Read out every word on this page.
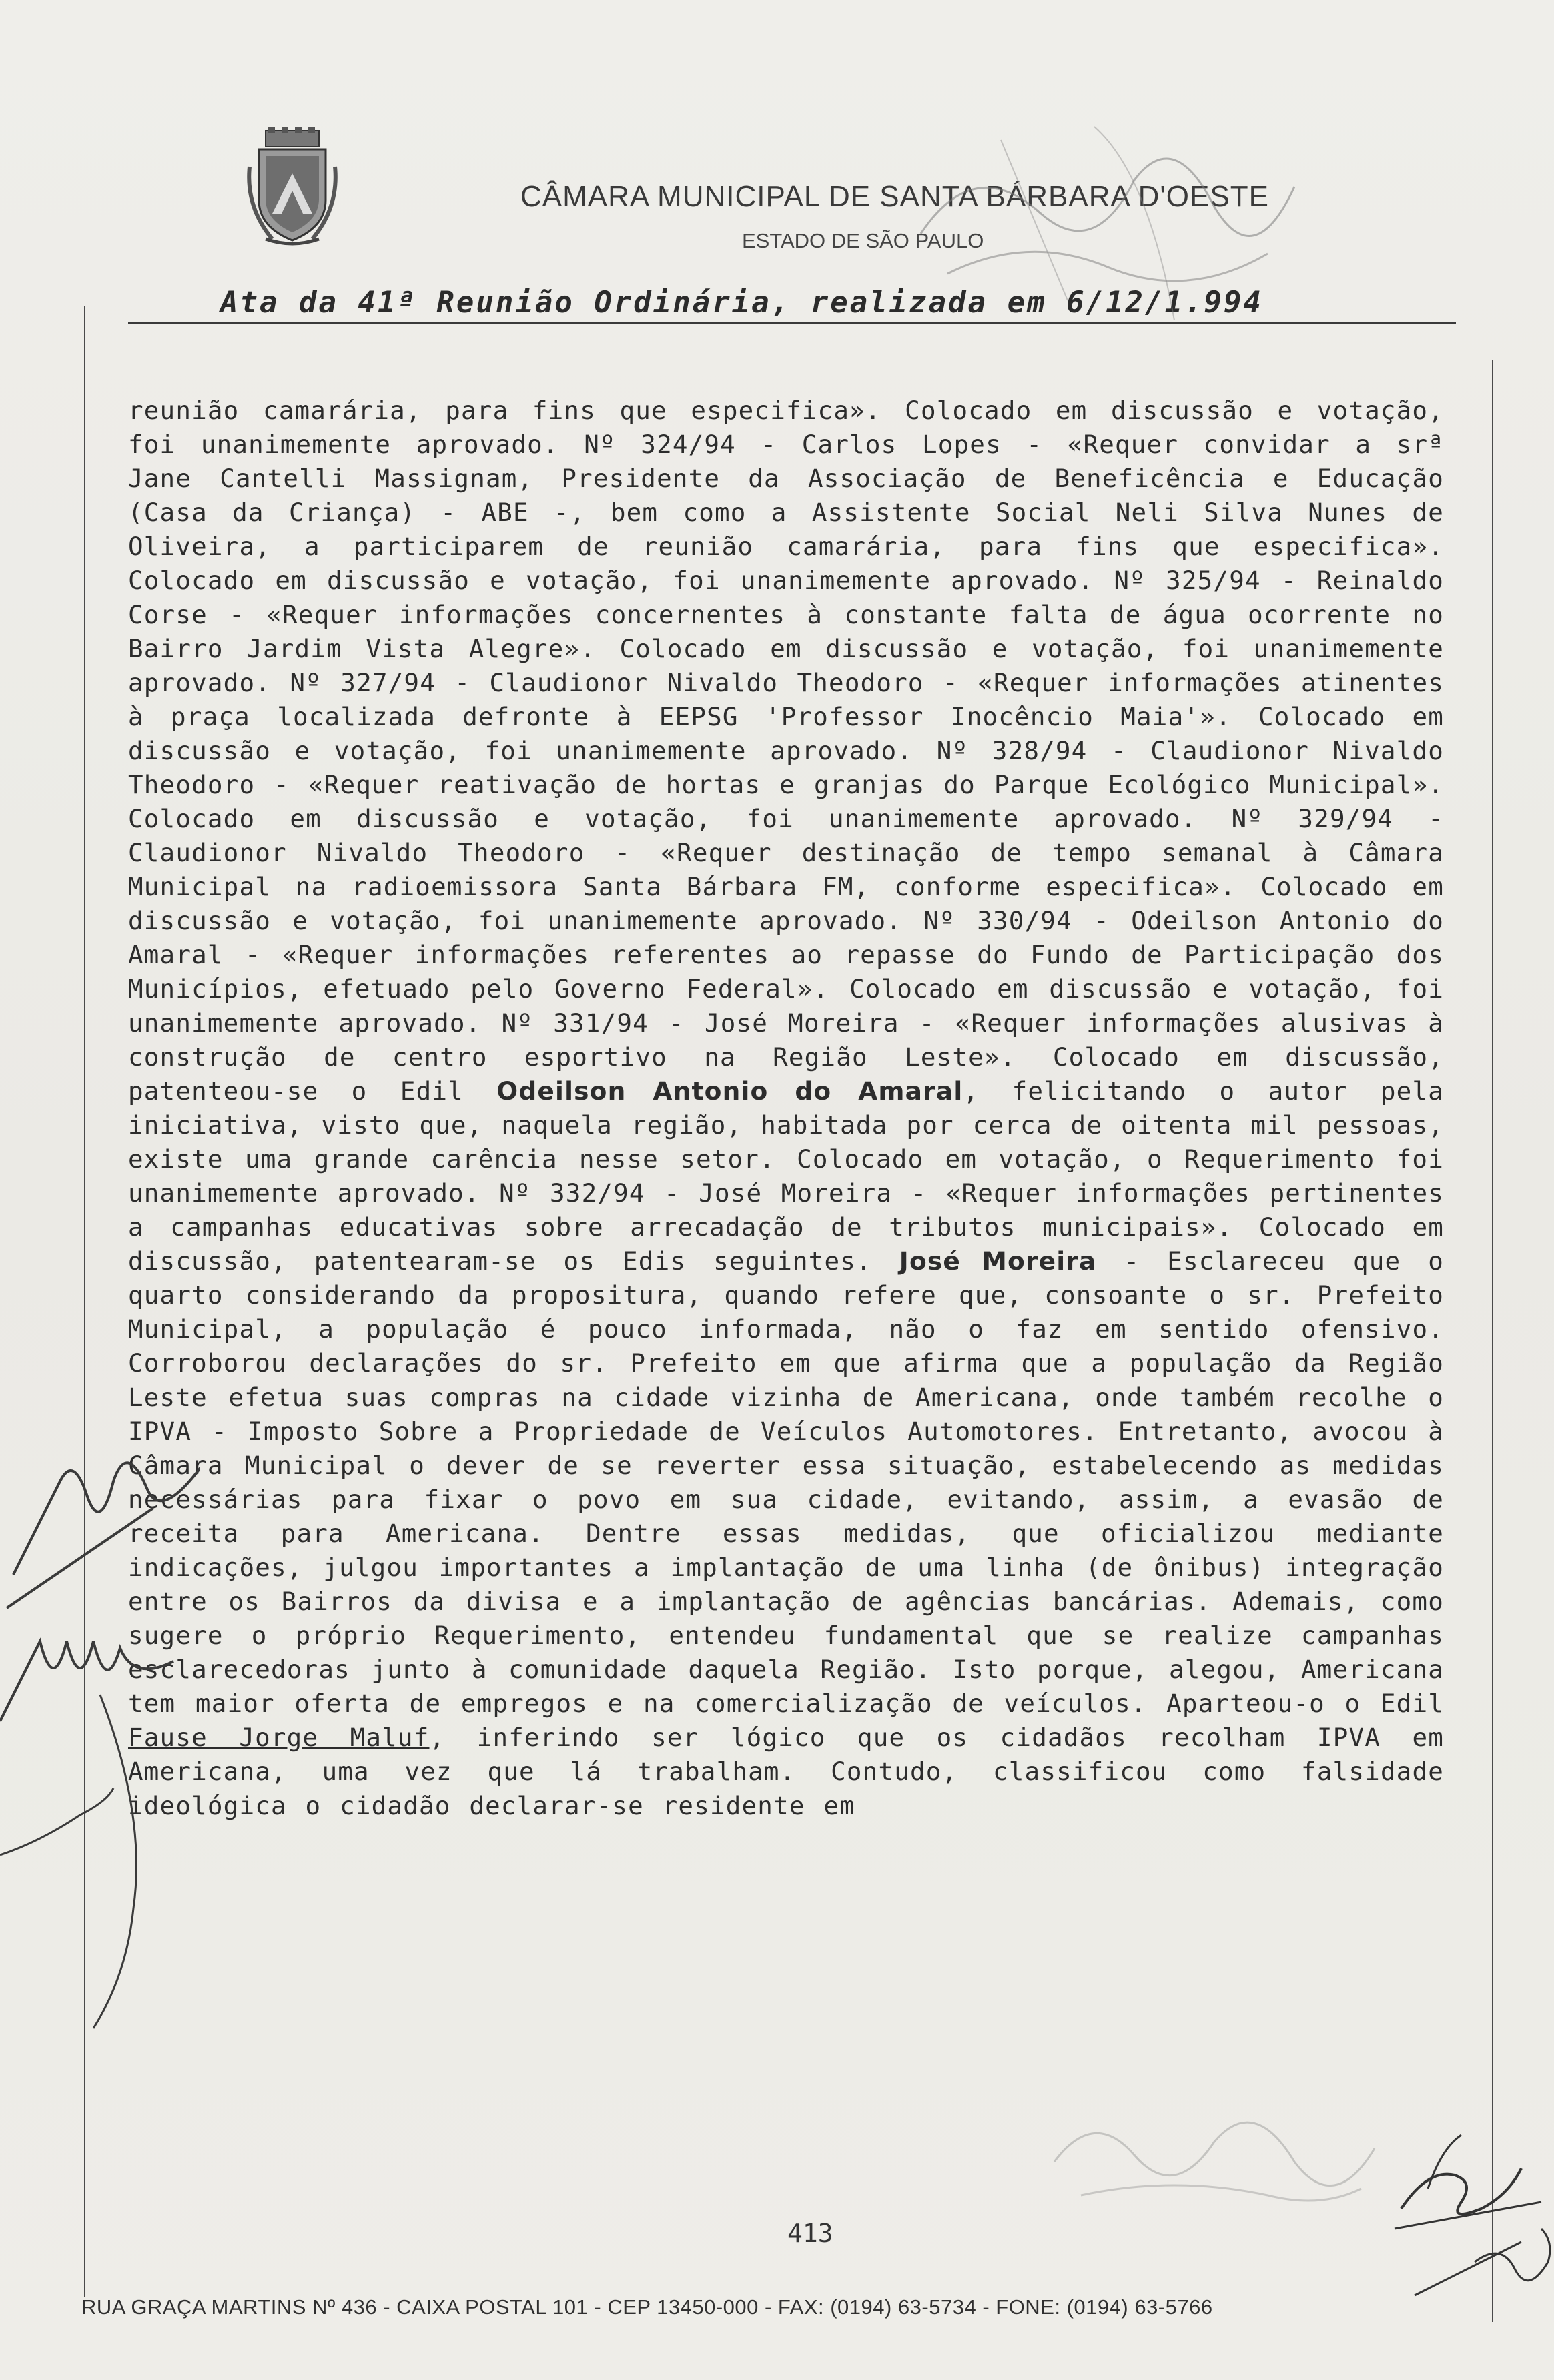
CÂMARA MUNICIPAL DE SANTA BÁRBARA D'OESTE
ESTADO DE SÃO PAULO
Ata da 41ª Reunião Ordinária, realizada em 6/12/1.994

reunião camarária, para fins que especifica». Colocado em discussão e votação, foi unanimemente aprovado. Nº 324/94 - Carlos Lopes - «Requer convidar a srª Jane Cantelli Massignam, Presidente da Associação de Beneficência e Educação (Casa da Criança) - ABE -, bem como a Assistente Social Neli Silva Nunes de Oliveira, a participarem de reunião camarária, para fins que especifica». Colocado em discussão e votação, foi unanimemente aprovado. Nº 325/94 - Reinaldo Corse - «Requer informações concernentes à constante falta de água ocorrente no Bairro Jardim Vista Alegre». Colocado em discussão e votação, foi unanimemente aprovado. Nº 327/94 - Claudionor Nivaldo Theodoro - «Requer informações atinentes à praça localizada defronte à EEPSG 'Professor Inocêncio Maia'». Colocado em discussão e votação, foi unanimemente aprovado. Nº 328/94 - Claudionor Nivaldo Theodoro - «Requer reativação de hortas e granjas do Parque Ecológico Municipal». Colocado em discussão e votação, foi unanimemente aprovado. Nº 329/94 - Claudionor Nivaldo Theodoro - «Requer destinação de tempo semanal à Câmara Municipal na radioemissora Santa Bárbara FM, conforme especifica». Colocado em discussão e votação, foi unanimemente aprovado. Nº 330/94 - Odeilson Antonio do Amaral - «Requer informações referentes ao repasse do Fundo de Participação dos Municípios, efetuado pelo Governo Federal». Colocado em discussão e votação, foi unanimemente aprovado. Nº 331/94 - José Moreira - «Requer informações alusivas à construção de centro esportivo na Região Leste». Colocado em discussão, patenteou-se o Edil Odeilson Antonio do Amaral, felicitando o autor pela iniciativa, visto que, naquela região, habitada por cerca de oitenta mil pessoas, existe uma grande carência nesse setor. Colocado em votação, o Requerimento foi unanimemente aprovado. Nº 332/94 - José Moreira - «Requer informações pertinentes a campanhas educativas sobre arrecadação de tributos municipais». Colocado em discussão, patentearam-se os Edis seguintes. José Moreira - Esclareceu que o quarto considerando da propositura, quando refere que, consoante o sr. Prefeito Municipal, a população é pouco informada, não o faz em sentido ofensivo. Corroborou declarações do sr. Prefeito em que afirma que a população da Região Leste efetua suas compras na cidade vizinha de Americana, onde também recolhe o IPVA - Imposto Sobre a Propriedade de Veículos Automotores. Entretanto, avocou à Câmara Municipal o dever de se reverter essa situação, estabelecendo as medidas necessárias para fixar o povo em sua cidade, evitando, assim, a evasão de receita para Americana. Dentre essas medidas, que oficializou mediante indicações, julgou importantes a implantação de uma linha (de ônibus) integração entre os Bairros da divisa e a implantação de agências bancárias. Ademais, como sugere o próprio Requerimento, entendeu fundamental que se realize campanhas esclarecedoras junto à comunidade daquela Região. Isto porque, alegou, Americana tem maior oferta de empregos e na comercialização de veículos. Aparteou-o o Edil Fause Jorge Maluf, inferindo ser lógico que os cidadãos recolham IPVA em Americana, uma vez que lá trabalham. Contudo, classificou como falsidade ideológica o cidadão declarar-se residente em

413
RUA GRAÇA MARTINS Nº 436 - CAIXA POSTAL 101 - CEP 13450-000 - FAX: (0194) 63-5734 - FONE: (0194) 63-5766
